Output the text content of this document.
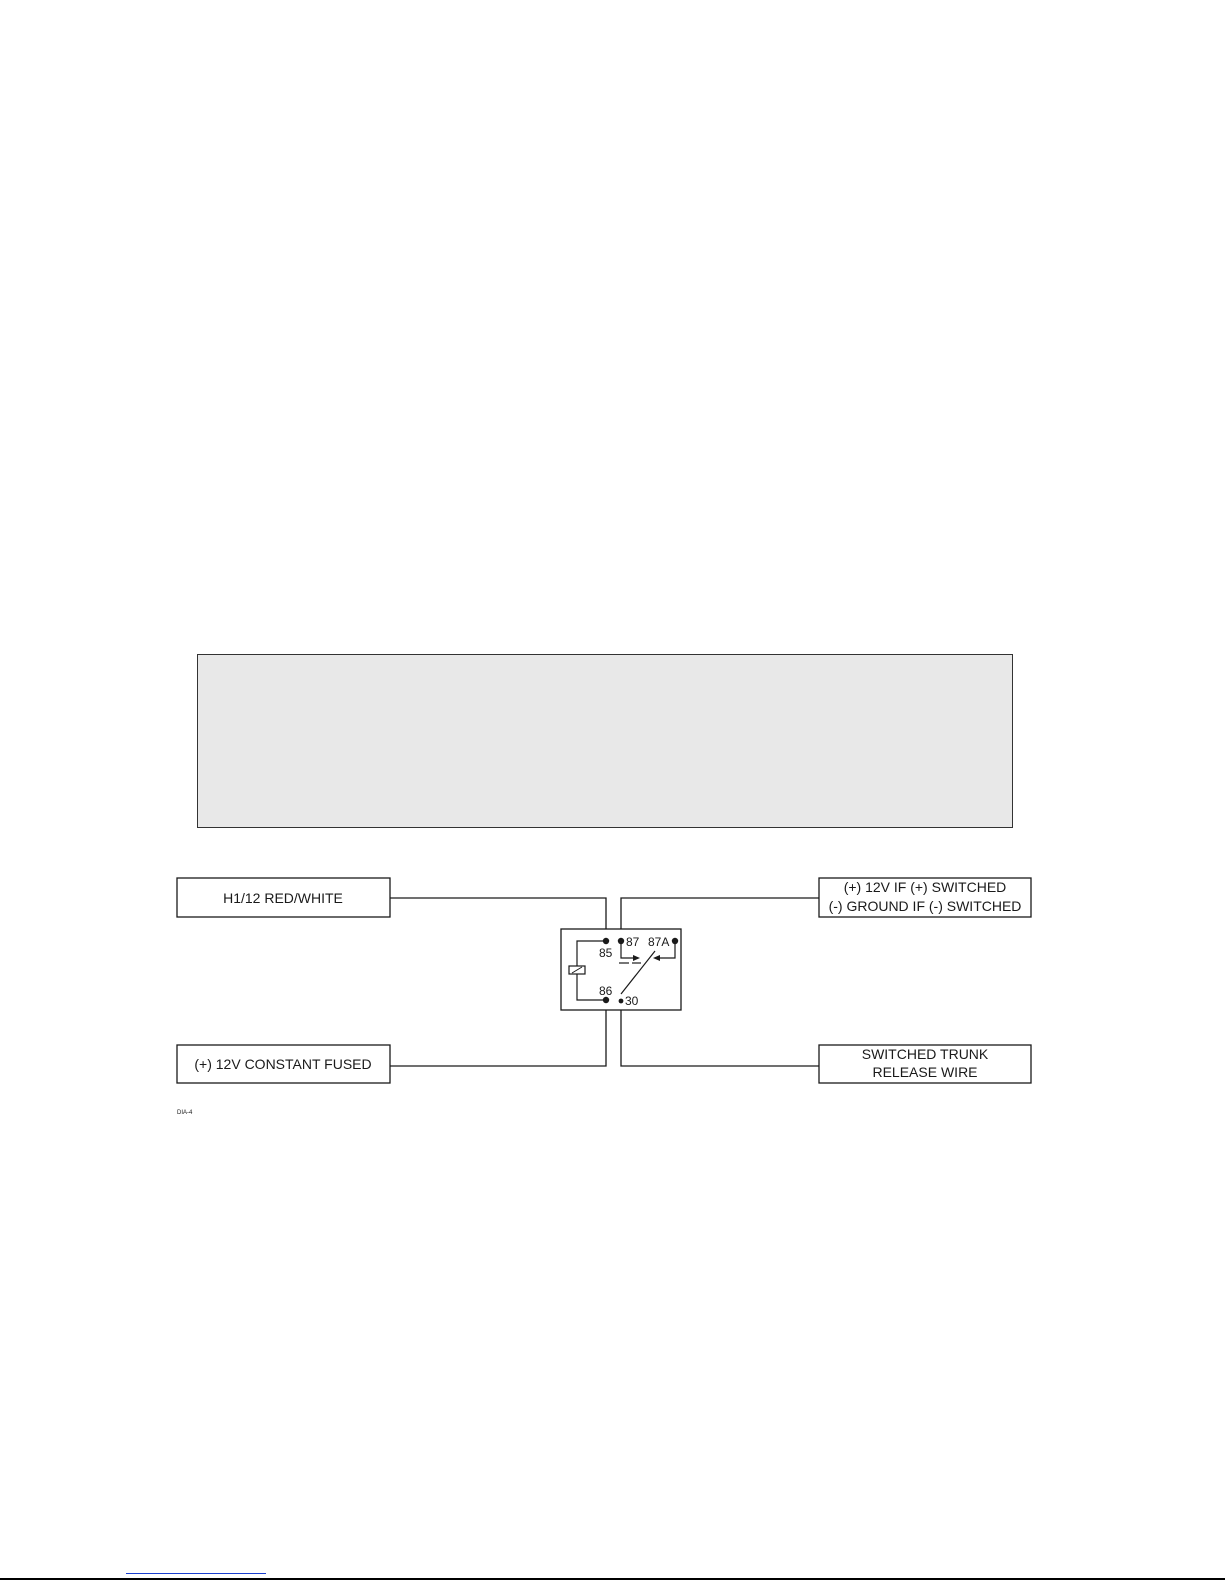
H1/12 RED/WHITE
(+) 12V IF (+) SWITCHED
(-) GROUND IF (-) SWITCHED
(+) 12V CONSTANT FUSED
SWITCHED TRUNK
RELEASE WIRE
85
87 87A
86
30
DIA-4
